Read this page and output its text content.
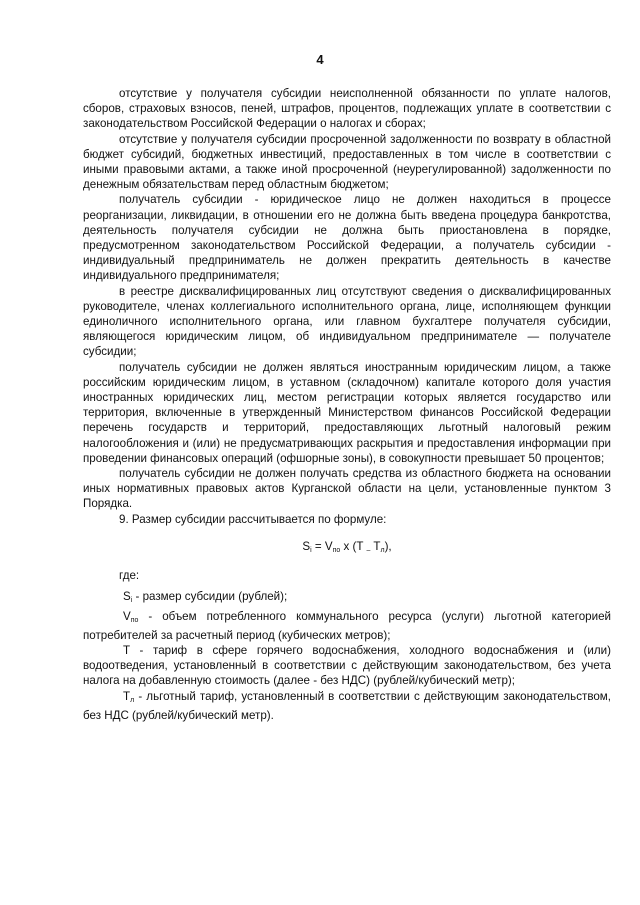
4

отсутствие у получателя субсидии неисполненной обязанности по уплате налогов, сборов, страховых взносов, пеней, штрафов, процентов, подлежащих уплате в соответствии с законодательством Российской Федерации о налогах и сборах;

отсутствие у получателя субсидии просроченной задолженности по возврату в областной бюджет субсидий, бюджетных инвестиций, предоставленных в том числе в соответствии с иными правовыми актами, а также иной просроченной (неурегулированной) задолженности по денежным обязательствам перед областным бюджетом;

получатель субсидии - юридическое лицо не должен находиться в процессе реорганизации, ликвидации, в отношении его не должна быть введена процедура банкротства, деятельность получателя субсидии не должна быть приостановлена в порядке, предусмотренном законодательством Российской Федерации, а получатель субсидии - индивидуальный предприниматель не должен прекратить деятельность в качестве индивидуального предпринимателя;

в реестре дисквалифицированных лиц отсутствуют сведения о дисквалифицированных руководителе, членах коллегиального исполнительного органа, лице, исполняющем функции единоличного исполнительного органа, или главном бухгалтере получателя субсидии, являющегося юридическим лицом, об индивидуальном предпринимателе — получателе субсидии;

получатель субсидии не должен являться иностранным юридическим лицом, а также российским юридическим лицом, в уставном (складочном) капитале которого доля участия иностранных юридических лиц, местом регистрации которых является государство или территория, включенные в утвержденный Министерством финансов Российской Федерации перечень государств и территорий, предоставляющих льготный налоговый режим налогообложения и (или) не предусматривающих раскрытия и предоставления информации при проведении финансовых операций (офшорные зоны), в совокупности превышает 50 процентов;

получатель субсидии не должен получать средства из областного бюджета на основании иных нормативных правовых актов Курганской области на цели, установленные пунктом 3 Порядка.

9. Размер субсидии рассчитывается по формуле:

$S_i = V_{по}$ x (T $_-$ $T_л$),

где:

$S_i$ - размер субсидии (рублей);

$V_{по}$ - объем потребленного коммунального ресурса (услуги) льготной категорией потребителей за расчетный период (кубических метров);

T - тариф в сфере горячего водоснабжения, холодного водоснабжения и (или) водоотведения, установленный в соответствии с действующим законодательством, без учета налога на добавленную стоимость (далее - без НДС) (рублей/кубический метр);

$T_л$ - льготный тариф, установленный в соответствии с действующим законодательством, без НДС (рублей/кубический метр).
